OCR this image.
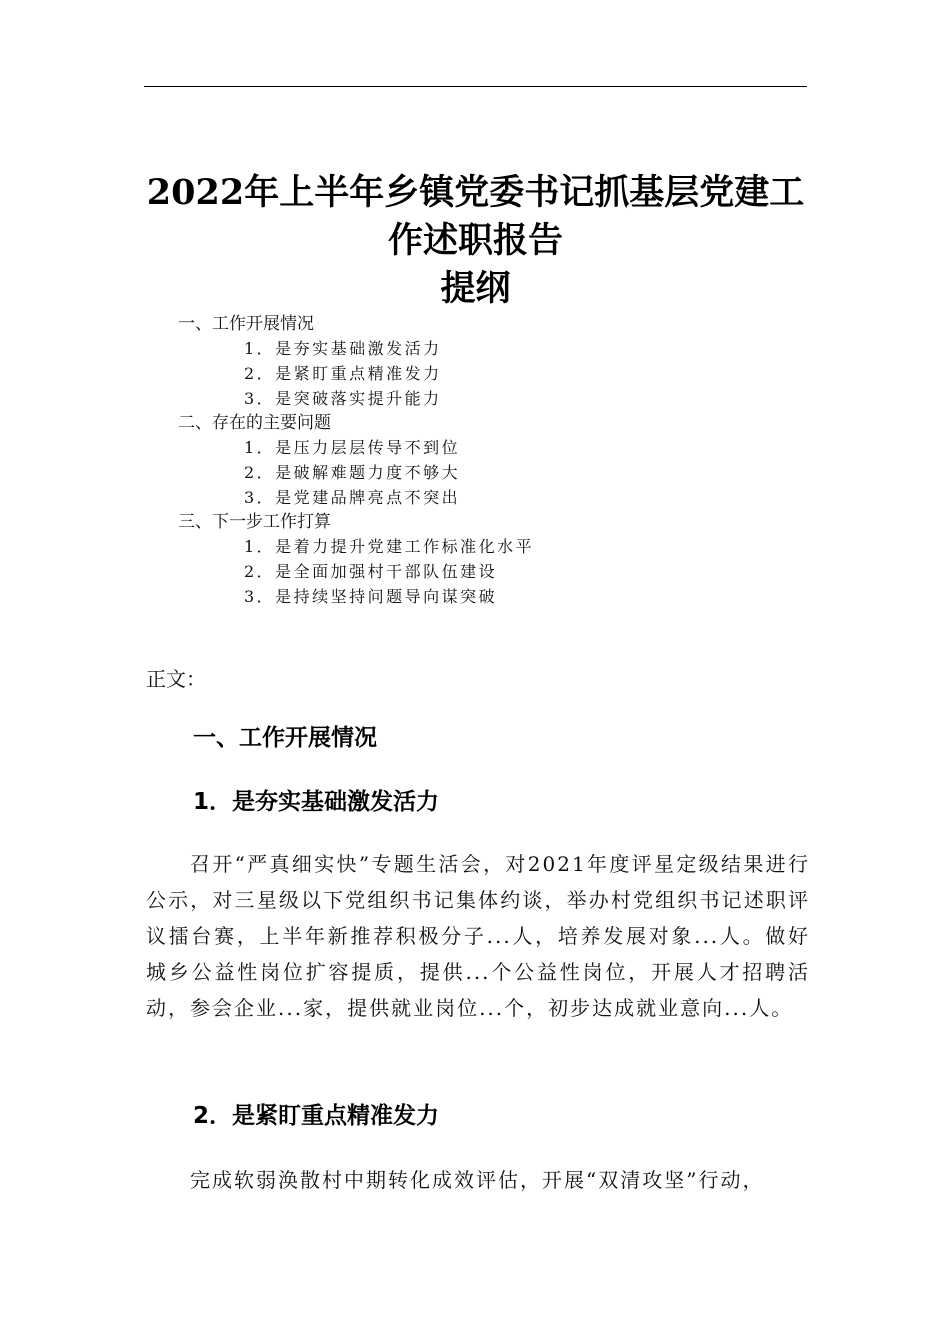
2022年上半年乡镇党委书记抓基层党建工
作述职报告
提纲
一、工作开展情况
1．是夯实基础激发活力
2．是紧盯重点精准发力
3．是突破落实提升能力
二、存在的主要问题
1．是压力层层传导不到位
2．是破解难题力度不够大
3．是党建品牌亮点不突出
三、下一步工作打算
1．是着力提升党建工作标准化水平
2．是全面加强村干部队伍建设
3．是持续坚持问题导向谋突破
正文：
一、工作开展情况
1．是夯实基础激发活力

召开“严真细实快”专题生活会，对2021年度评星定级结果进行公示，对三星级以下党组织书记集体约谈，举办村党组织书记述职评议擂台赛，上半年新推荐积极分子...人，培养发展对象...人。做好城乡公益性岗位扩容提质，提供...个公益性岗位，开展人才招聘活动，参会企业...家，提供就业岗位...个，初步达成就业意向...人。

2．是紧盯重点精准发力

完成软弱涣散村中期转化成效评估，开展“双清攻坚”行动，
